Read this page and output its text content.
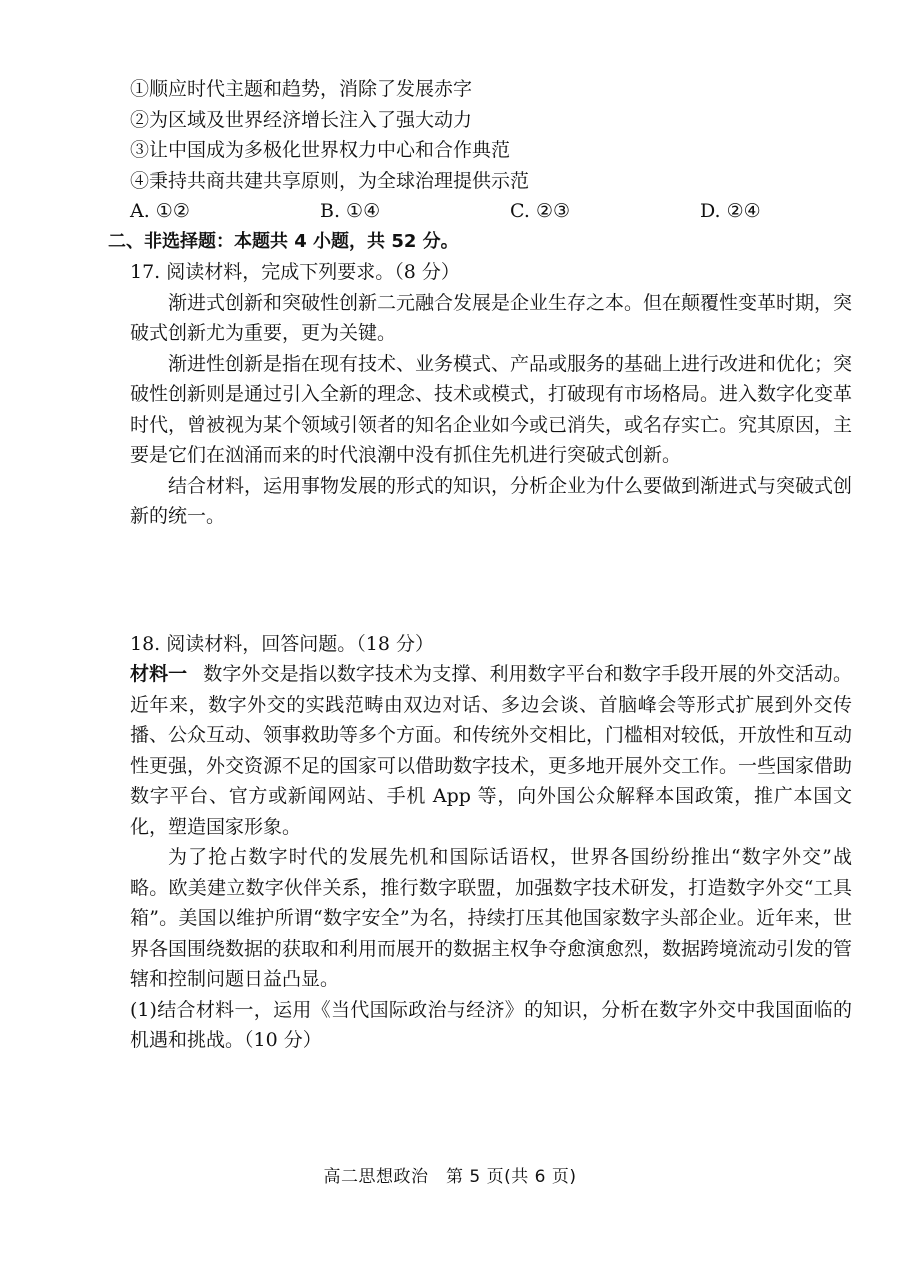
①顺应时代主题和趋势，消除了发展赤字

②为区域及世界经济增长注入了强大动力

③让中国成为多极化世界权力中心和合作典范

④秉持共商共建共享原则，为全球治理提供示范

A. ①②	B. ①④	C. ②③	D. ②④

二、非选择题：本题共 4 小题，共 52 分。

17. 阅读材料，完成下列要求。（8 分）

渐进式创新和突破性创新二元融合发展是企业生存之本。但在颠覆性变革时期，突破式创新尤为重要，更为关键。

渐进性创新是指在现有技术、业务模式、产品或服务的基础上进行改进和优化；突破性创新则是通过引入全新的理念、技术或模式，打破现有市场格局。进入数字化变革时代，曾被视为某个领域引领者的知名企业如今或已消失，或名存实亡。究其原因，主要是它们在汹涌而来的时代浪潮中没有抓住先机进行突破式创新。

结合材料，运用事物发展的形式的知识，分析企业为什么要做到渐进式与突破式创新的统一。

18. 阅读材料，回答问题。（18 分）

材料一 数字外交是指以数字技术为支撑、利用数字平台和数字手段开展的外交活动。近年来，数字外交的实践范畴由双边对话、多边会谈、首脑峰会等形式扩展到外交传播、公众互动、领事救助等多个方面。和传统外交相比，门槛相对较低，开放性和互动性更强，外交资源不足的国家可以借助数字技术，更多地开展外交工作。一些国家借助数字平台、官方或新闻网站、手机 App 等，向外国公众解释本国政策，推广本国文化，塑造国家形象。

为了抢占数字时代的发展先机和国际话语权，世界各国纷纷推出“数字外交”战略。欧美建立数字伙伴关系，推行数字联盟，加强数字技术研发，打造数字外交“工具箱”。美国以维护所谓“数字安全”为名，持续打压其他国家数字头部企业。近年来，世界各国围绕数据的获取和利用而展开的数据主权争夺愈演愈烈，数据跨境流动引发的管辖和控制问题日益凸显。

(1)结合材料一，运用《当代国际政治与经济》的知识，分析在数字外交中我国面临的机遇和挑战。（10 分）

高二思想政治　第 5 页(共 6 页)
